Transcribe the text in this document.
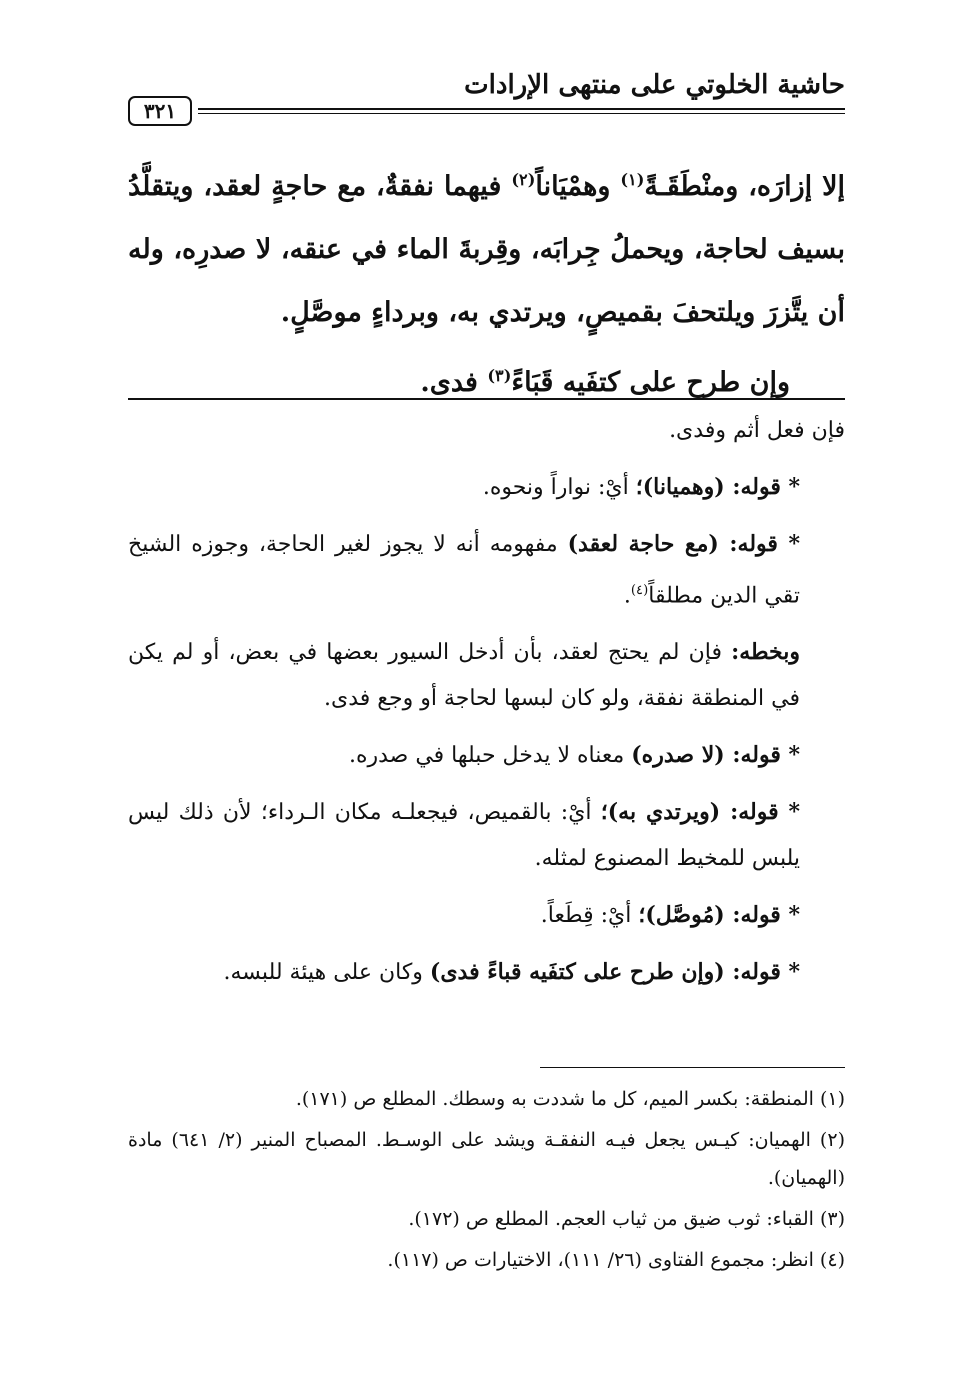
حاشية الخلوتي على منتهى الإرادات
٣٢١

إلا إزارَه، ومنْطَقَـةً$^{(١)}$ وهمْيَاناً$^{(٢)}$ فيهما نفقةٌ، مع حاجةٍ لعقد، ويتقلَّدُ بسيف لحاجة، ويحملُ جِرابَه، وقِربةَ الماء في عنقه، لا صدرِه، وله أن يتَّزرَ ويلتحفَ بقميصٍ، ويرتدي به، وبرداءٍ موصَّلٍ.

وإن طرح على كتفَيه قَبَاءً$^{(٣)}$ فدى.

فإن فعل أثم وفدى.

* قوله: (وهميانا)؛ أيْ: نواراً ونحوه.

* قوله: (مع حاجة لعقد) مفهومه أنه لا يجوز لغير الحاجة، وجوزه الشيخ تقي الدين مطلقاً$^{(٤)}$.

وبخطه: فإن لم يحتج لعقد، بأن أدخل السيور بعضها في بعض، أو لم يكن في المنطقة نفقة، ولو كان لبسها لحاجة أو وجع فدى.

* قوله: (لا صدره) معناه لا يدخل حبلها في صدره.

* قوله: (ويرتدي به)؛ أيْ: بالقميص، فيجعلـه مكان الـرداء؛ لأن ذلك ليس يلبس للمخيط المصنوع لمثله.

* قوله: (مُوصَّل)؛ أيْ: قِطَعاً.

* قوله: (وإن طرح على كتفَيه قباءً فدى) وكان على هيئة للبسه.

(١) المنطقة: بكسر الميم، كل ما شددت به وسطك. المطلع ص (١٧١).

(٢) الهميان: كيـس يجعل فيـه النفقـة ويشد على الوسـط. المصباح المنير (٢/ ٦٤١) مادة (الهميان).

(٣) القباء: ثوب ضيق من ثياب العجم. المطلع ص (١٧٢).

(٤) انظر: مجموع الفتاوى (٢٦/ ١١١)، الاختيارات ص (١١٧).
